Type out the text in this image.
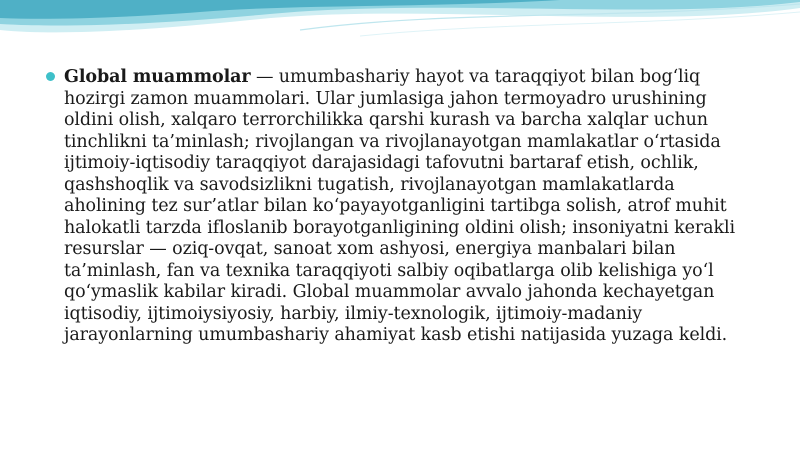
Global muammolar — umumbashariy hayot va taraqqiyot bilan bog‘liq hozirgi zamon muammolari. Ular jumlasiga jahon termoyadro urushining oldini olish, xalqaro terrorchilikka qarshi kurash va barcha xalqlar uchun tinchlikni ta’minlash; rivojlangan va rivojlanayotgan mamlakatlar o‘rtasida ijtimoiy-iqtisodiy taraqqiyot darajasidagi tafovutni bartaraf etish, ochlik, qashshoqlik va savodsizlikni tugatish, rivojlanayotgan mamlakatlarda aholining tez sur’atlar bilan ko‘payayotganligini tartibga solish, atrof muhit halokatli tarzda ifloslanib borayotganligining oldini olish; insoniyatni kerakli resurslar — oziq-ovqat, sanoat xom ashyosi, energiya manbalari bilan ta’minlash, fan va texnika taraqqiyoti salbiy oqibatlarga olib kelishiga yo‘l qo‘ymaslik kabilar kiradi. Global muammolar avvalo jahonda kechayetgan iqtisodiy, ijtimoiysiyosiy, harbiy, ilmiy-texnologik, ijtimoiy-madaniy jarayonlarning umumbashariy ahamiyat kasb etishi natijasida yuzaga keldi.
